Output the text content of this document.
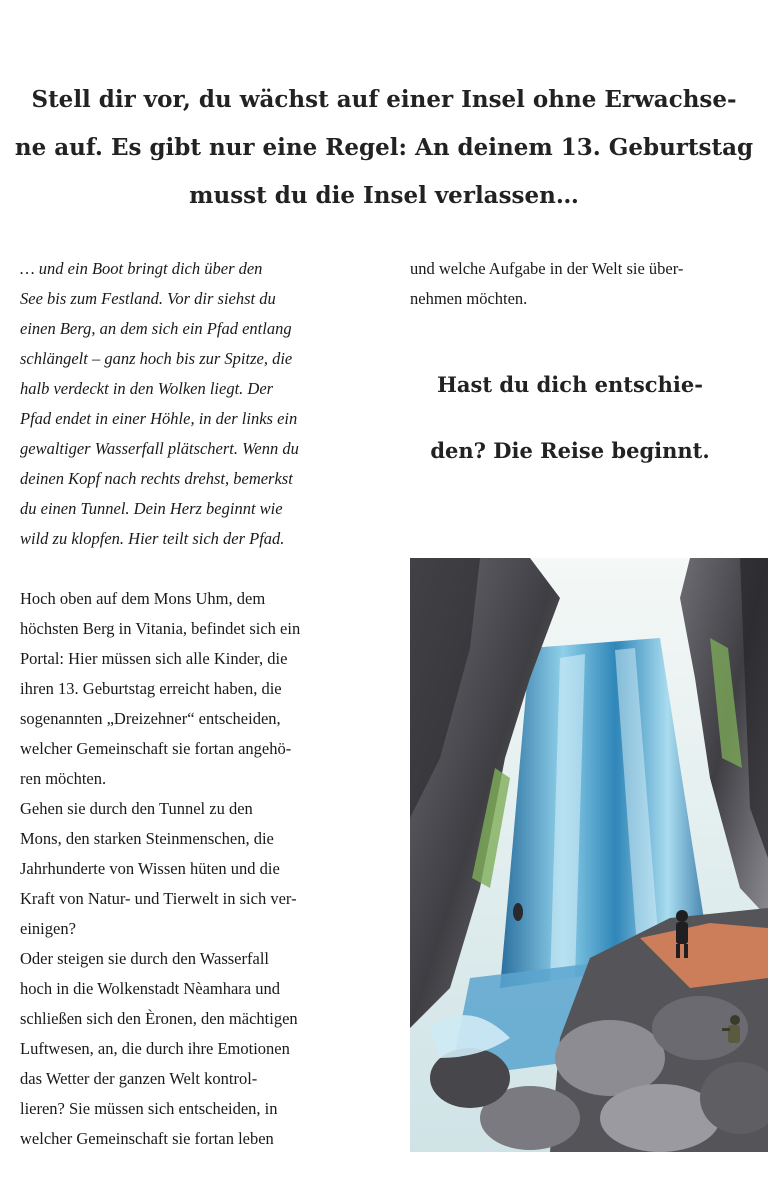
Stell dir vor, du wächst auf einer Insel ohne Erwachse-
ne auf. Es gibt nur eine Regel: An deinem 13. Geburtstag
musst du die Insel verlassen…
… und ein Boot bringt dich über den
See bis zum Festland. Vor dir siehst du
einen Berg, an dem sich ein Pfad entlang
schlängelt – ganz hoch bis zur Spitze, die
halb verdeckt in den Wolken liegt. Der
Pfad endet in einer Höhle, in der links ein
gewaltiger Wasserfall plätschert. Wenn du
deinen Kopf nach rechts drehst, bemerkst
du einen Tunnel. Dein Herz beginnt wie
wild zu klopfen. Hier teilt sich der Pfad.
Hoch oben auf dem Mons Uhm, dem
höchsten Berg in Vitania, befindet sich ein
Portal: Hier müssen sich alle Kinder, die
ihren 13. Geburtstag erreicht haben, die
sogenannten „Dreizehner“ entscheiden,
welcher Gemeinschaft sie fortan angehö-
ren möchten.
Gehen sie durch den Tunnel zu den
Mons, den starken Steinmenschen, die
Jahrhunderte von Wissen hüten und die
Kraft von Natur- und Tierwelt in sich ver-
einigen?
Oder steigen sie durch den Wasserfall
hoch in die Wolkenstadt Nèamhara und
schließen sich den Èronen, den mächtigen
Luftwesen, an, die durch ihre Emotionen
das Wetter der ganzen Welt kontrol-
lieren? Sie müssen sich entscheiden, in
welcher Gemeinschaft sie fortan leben
und welche Aufgabe in der Welt sie über-
nehmen möchten.
Hast du dich entschie-
den? Die Reise beginnt.
